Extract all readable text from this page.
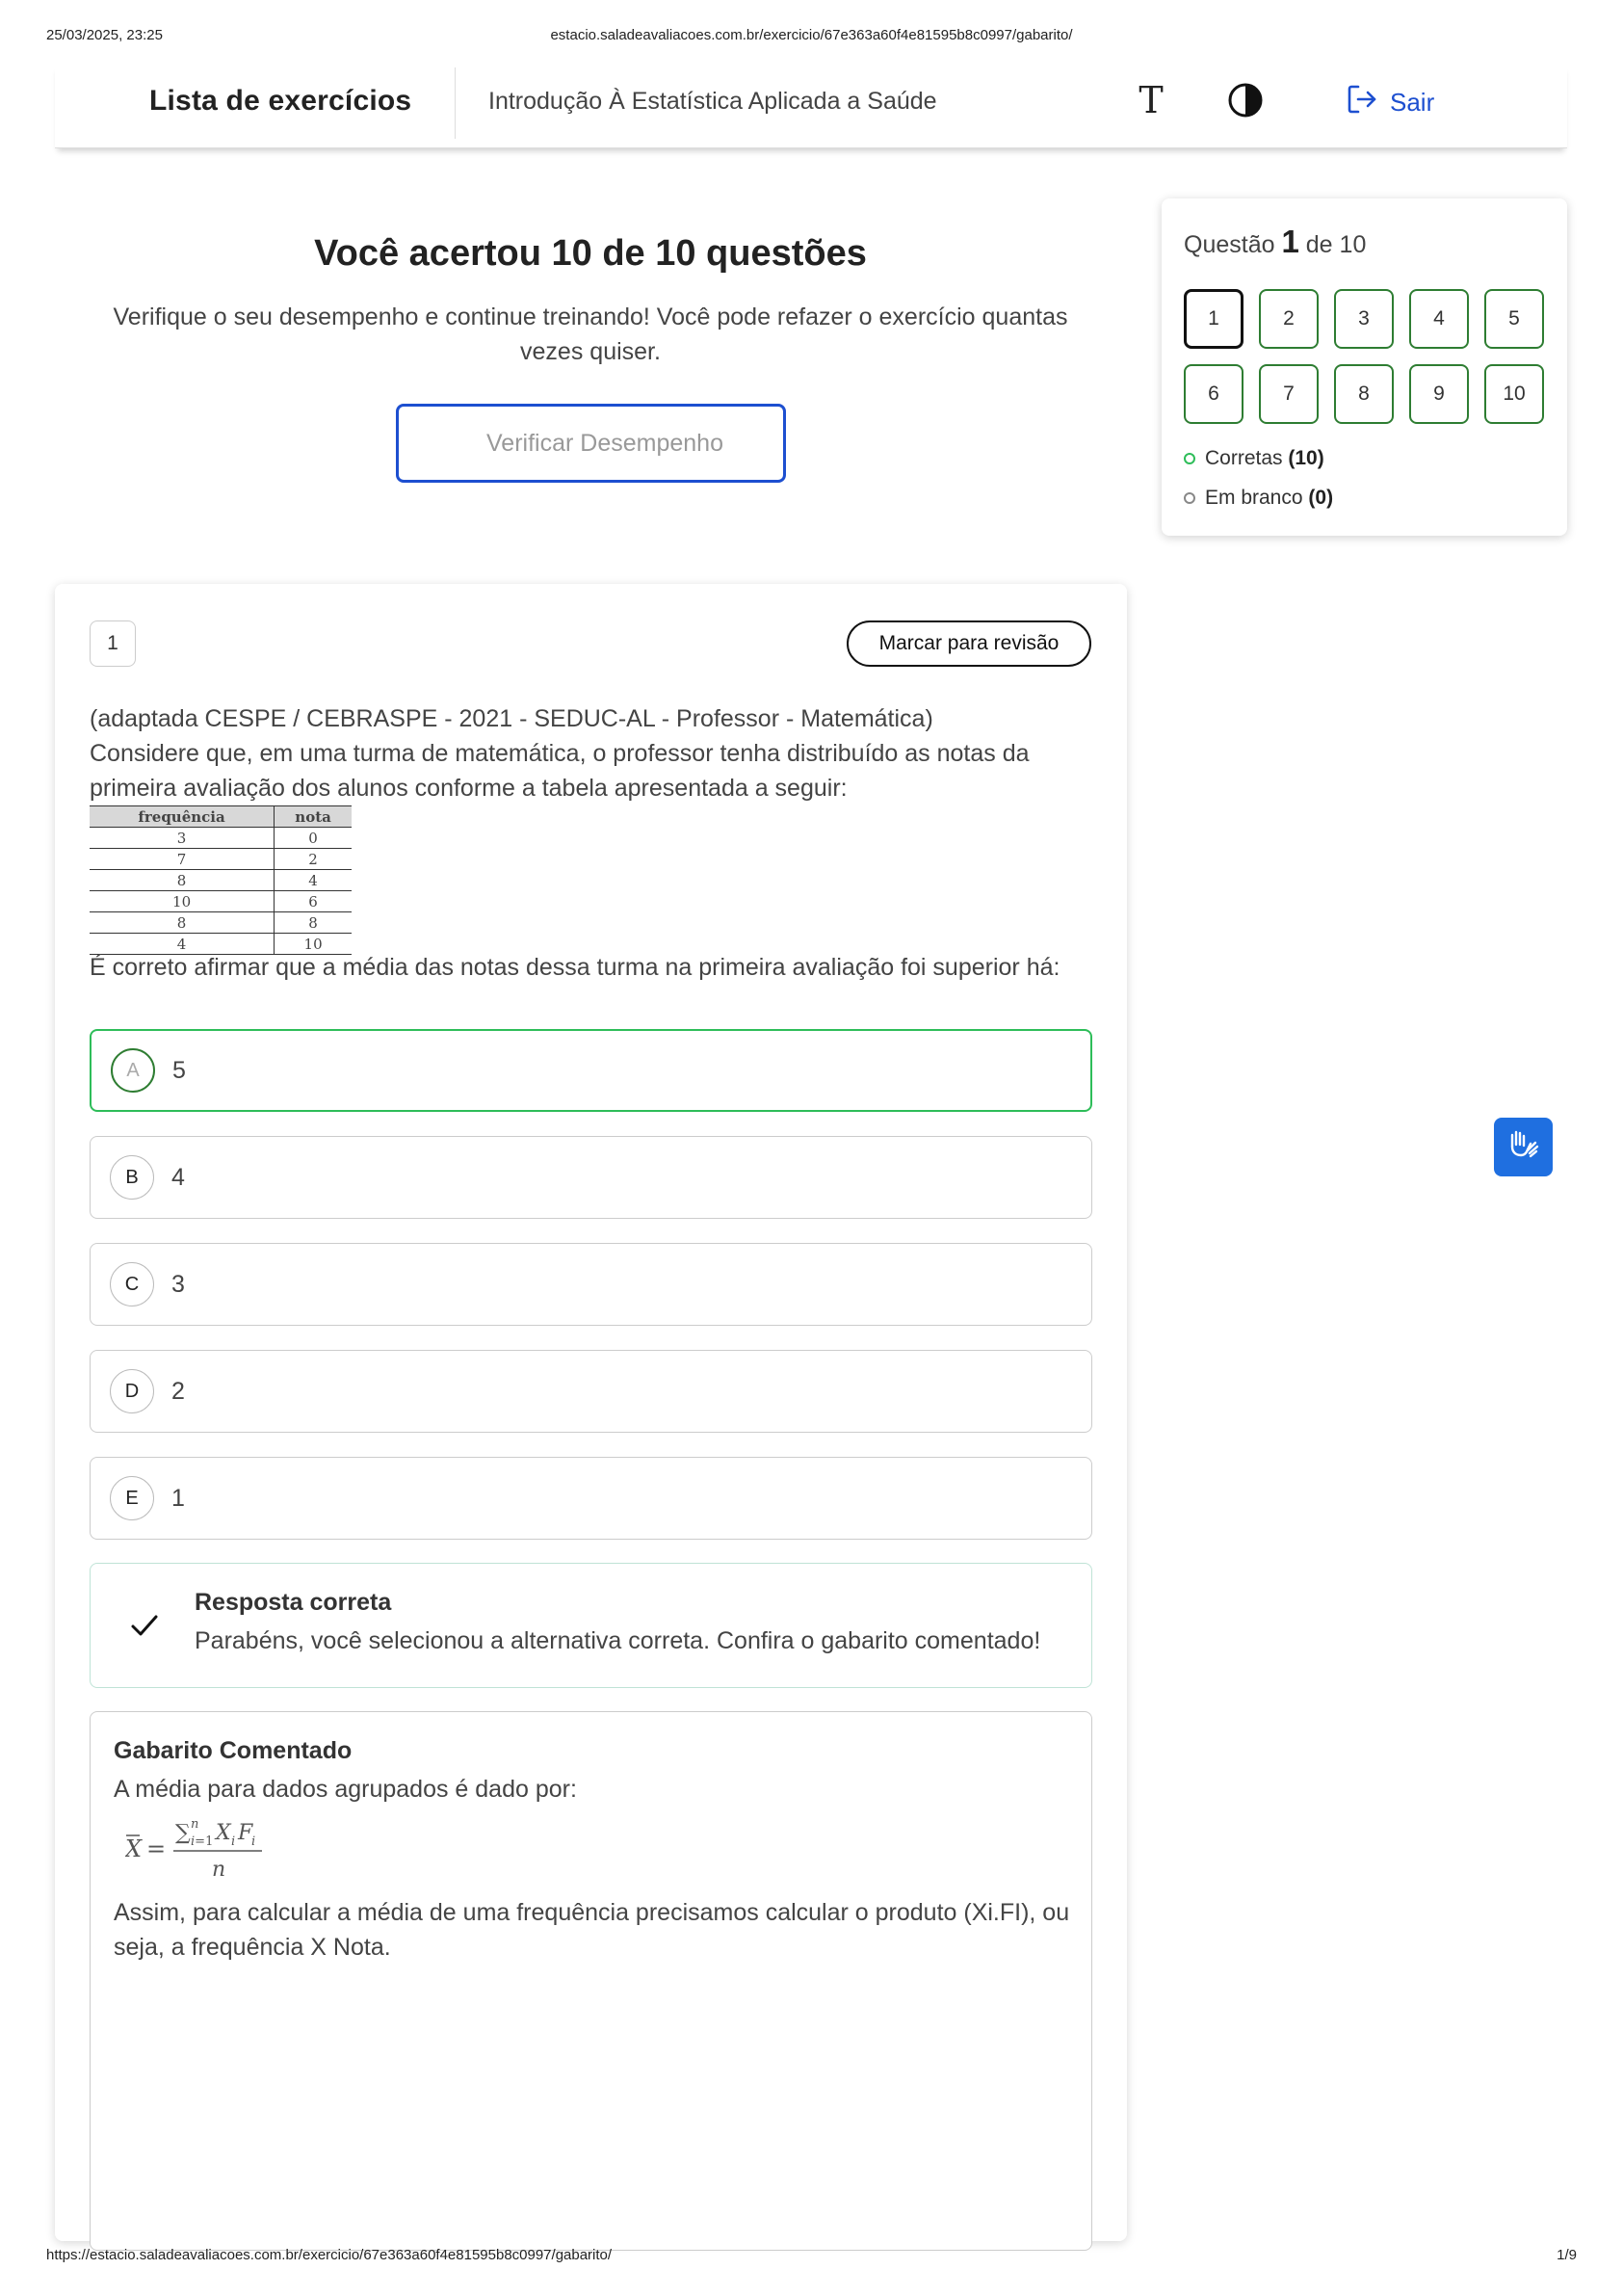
25/03/2025, 23:25	estacio.saladeavaliacoes.com.br/exercicio/67e363a60f4e81595b8c0997/gabarito/
Lista de exercícios	Introdução À Estatística Aplicada a Saúde	T	Sair
Você acertou 10 de 10 questões
Verifique o seu desempenho e continue treinando! Você pode refazer o exercício quantas vezes quiser.
Verificar Desempenho
Questão 1 de 10
1	2	3	4	5
6	7	8	9	10
Corretas (10)
Em branco (0)
1	Marcar para revisão

(adaptada CESPE / CEBRASPE - 2021 - SEDUC-AL - Professor - Matemática)

Considere que, em uma turma de matemática, o professor tenha distribuído as notas da primeira avaliação dos alunos conforme a tabela apresentada a seguir:

frequência	nota
3	0
7	2
8	4
10	6
8	8
4	10
É correto afirmar que a média das notas dessa turma na primeira avaliação foi superior há:
A	5
B	4
C	3
D	2
E	1
Resposta correta
Parabéns, você selecionou a alternativa correta. Confira o gabarito comentado!
Gabarito Comentado
A média para dados agrupados é dado por:
X =
∑ n
i=1 X i F
i
n
Assim, para calcular a média de uma frequência precisamos calcular o produto (Xi.FI), ou seja, a frequência X Nota.
https://estacio.saladeavaliacoes.com.br/exercicio/67e363a60f4e81595b8c0997/gabarito/	1/9
